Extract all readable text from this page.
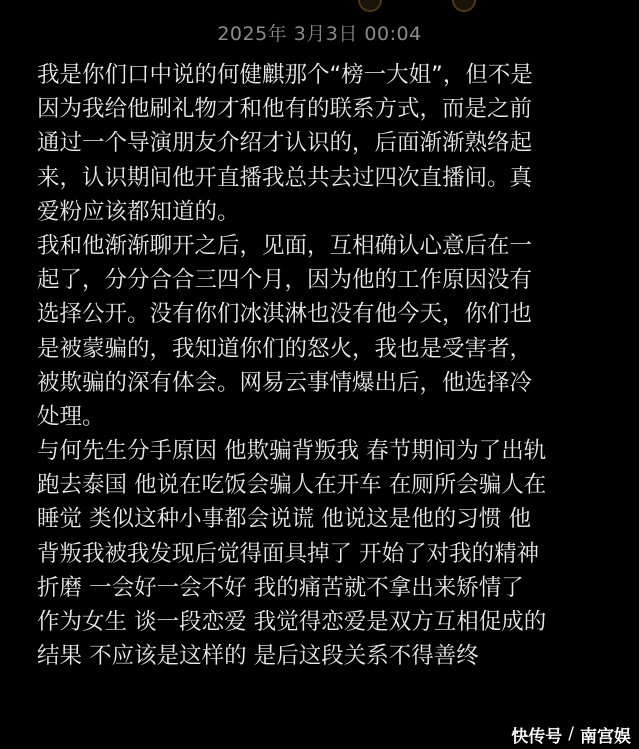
2025年 3月3日 00:04
我是你们口中说的何健麒那个“榜一大姐”，但不是
因为我给他刷礼物才和他有的联系方式，而是之前
通过一个导演朋友介绍才认识的，后面渐渐熟络起
来，认识期间他开直播我总共去过四次直播间。真
爱粉应该都知道的。
我和他渐渐聊开之后，见面，互相确认心意后在一
起了，分分合合三四个月，因为他的工作原因没有
选择公开。没有你们冰淇淋也没有他今天，你们也
是被蒙骗的，我知道你们的怒火，我也是受害者，
被欺骗的深有体会。网易云事情爆出后，他选择冷
处理。
与何先生分手原因 他欺骗背叛我 春节期间为了出轨
跑去泰国 他说在吃饭会骗人在开车 在厕所会骗人在
睡觉 类似这种小事都会说谎 他说这是他的习惯 他
背叛我被我发现后觉得面具掉了 开始了对我的精神
折磨 一会好一会不好 我的痛苦就不拿出来矫情了
作为女生 谈一段恋爱 我觉得恋爱是双方互相促成的
结果 不应该是这样的 是后这段关系不得善终
快传号 / 南宫娱
